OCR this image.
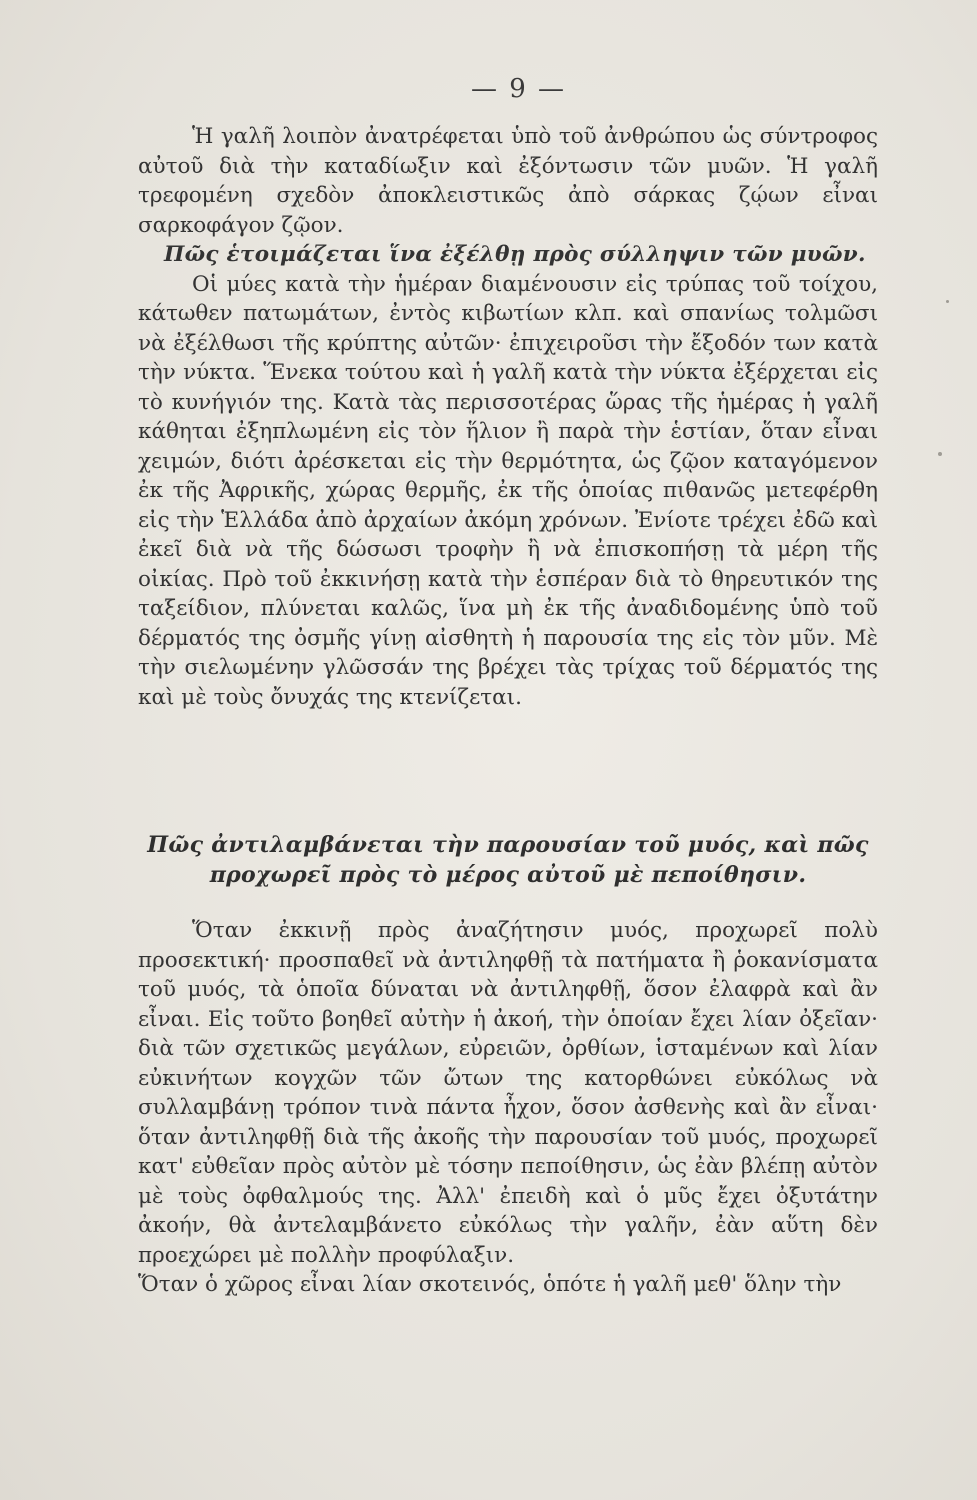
— 9 —

Ἡ γαλῆ λοιπὸν ἀνατρέφεται ὑπὸ τοῦ ἀνθρώπου ὡς σύντροφος αὐτοῦ διὰ τὴν καταδίωξιν καὶ ἐξόντωσιν τῶν μυῶν. Ἡ γαλῆ τρεφομένη σχεδὸν ἀποκλειστικῶς ἀπὸ σάρκας ζῴων εἶναι σαρκοφάγον ζῷον.

Πῶς ἑτοιμάζεται ἵνα ἐξέλθῃ πρὸς σύλληψιν τῶν μυῶν.

Οἱ μύες κατὰ τὴν ἡμέραν διαμένουσιν εἰς τρύπας τοῦ τοίχου, κάτωθεν πατωμάτων, ἐντὸς κιβωτίων κλπ. καὶ σπανίως τολμῶσι νὰ ἐξέλθωσι τῆς κρύπτης αὐτῶν· ἐπιχειροῦσι τὴν ἔξοδόν των κατὰ τὴν νύκτα. Ἕνεκα τούτου καὶ ἡ γαλῆ κατὰ τὴν νύκτα ἐξέρχεται εἰς τὸ κυνήγιόν της. Κατὰ τὰς περισσοτέρας ὥρας τῆς ἡμέρας ἡ γαλῆ κάθηται ἐξηπλωμένη εἰς τὸν ἥλιον ἢ παρὰ τὴν ἑστίαν, ὅταν εἶναι χειμών, διότι ἀρέσκεται εἰς τὴν θερμότητα, ὡς ζῷον καταγόμενον ἐκ τῆς Ἀφρικῆς, χώρας θερμῆς, ἐκ τῆς ὁποίας πιθανῶς μετεφέρθη εἰς τὴν Ἑλλάδα ἀπὸ ἀρχαίων ἀκόμη χρόνων. Ἐνίοτε τρέχει ἐδῶ καὶ ἐκεῖ διὰ νὰ τῆς δώσωσι τροφὴν ἢ νὰ ἐπισκοπήσῃ τὰ μέρη τῆς οἰκίας. Πρὸ τοῦ ἐκκινήσῃ κατὰ τὴν ἑσπέραν διὰ τὸ θηρευτικόν της ταξείδιον, πλύνεται καλῶς, ἵνα μὴ ἐκ τῆς ἀναδιδομένης ὑπὸ τοῦ δέρματός της ὀσμῆς γίνῃ αἰσθητὴ ἡ παρουσία της εἰς τὸν μῦν. Μὲ τὴν σιελωμένην γλῶσσάν της βρέχει τὰς τρίχας τοῦ δέρματός της καὶ μὲ τοὺς ὄνυχάς της κτενίζεται.

Πῶς ἀντιλαμβάνεται τὴν παρουσίαν τοῦ μυός, καὶ πῶς
προχωρεῖ πρὸς τὸ μέρος αὐτοῦ μὲ πεποίθησιν.

Ὅταν ἐκκινῇ πρὸς ἀναζήτησιν μυός, προχωρεῖ πολὺ προσεκτική· προσπαθεῖ νὰ ἀντιληφθῇ τὰ πατήματα ἢ ῥοκανίσματα τοῦ μυός, τὰ ὁποῖα δύναται νὰ ἀντιληφθῇ, ὅσον ἐλαφρὰ καὶ ἂν εἶναι. Εἰς τοῦτο βοηθεῖ αὐτὴν ἡ ἀκοή, τὴν ὁποίαν ἔχει λίαν ὀξεῖαν· διὰ τῶν σχετικῶς μεγάλων, εὐρειῶν, ὀρθίων, ἱσταμένων καὶ λίαν εὐκινήτων κογχῶν τῶν ὤτων της κατορθώνει εὐκόλως νὰ συλλαμβάνῃ τρόπον τινὰ πάντα ἦχον, ὅσον ἀσθενὴς καὶ ἂν εἶναι· ὅταν ἀντιληφθῇ διὰ τῆς ἀκοῆς τὴν παρουσίαν τοῦ μυός, προχωρεῖ κατ' εὐθεῖαν πρὸς αὐτὸν μὲ τόσην πεποίθησιν, ὡς ἐὰν βλέπῃ αὐτὸν μὲ τοὺς ὀφθαλμούς της. Ἀλλ' ἐπειδὴ καὶ ὁ μῦς ἔχει ὀξυτάτην ἀκοήν, θὰ ἀντελαμβάνετο εὐκόλως τὴν γαλῆν, ἐὰν αὕτη δὲν προεχώρει μὲ πολλὴν προφύλαξιν.

Ὅταν ὁ χῶρος εἶναι λίαν σκοτεινός, ὁπότε ἡ γαλῆ μεθ' ὅλην τὴν
